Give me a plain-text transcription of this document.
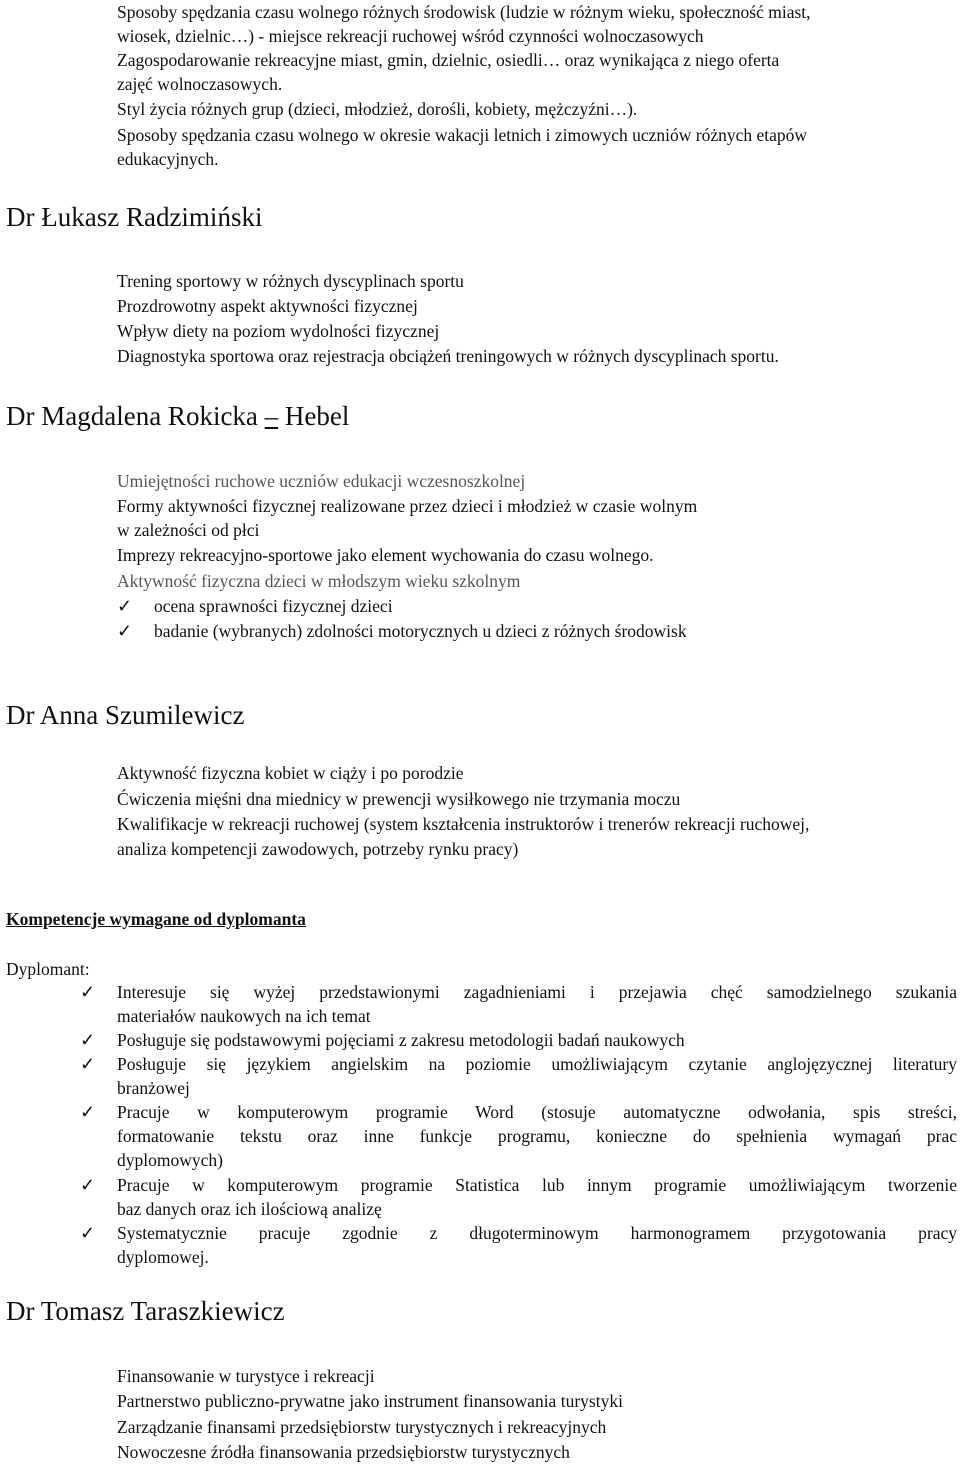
Sposoby spędzania czasu wolnego różnych środowisk (ludzie w różnym wieku, społeczność miast,
wiosek, dzielnic…) - miejsce rekreacji ruchowej wśród czynności wolnoczasowych
Zagospodarowanie rekreacyjne miast, gmin, dzielnic, osiedli… oraz wynikająca z niego oferta
zajęć wolnoczasowych.
Styl życia różnych grup (dzieci, młodzież, dorośli, kobiety, mężczyźni…).
Sposoby spędzania czasu wolnego w okresie wakacji letnich i zimowych uczniów różnych etapów
edukacyjnych.
Dr Łukasz Radzimiński
Trening sportowy w różnych dyscyplinach sportu
Prozdrowotny aspekt aktywności fizycznej
Wpływ diety na poziom wydolności fizycznej
Diagnostyka sportowa oraz rejestracja obciążeń treningowych w różnych dyscyplinach sportu.
Dr Magdalena Rokicka – Hebel
Umiejętności ruchowe uczniów edukacji wczesnoszkolnej
Formy aktywności fizycznej realizowane przez dzieci i młodzież w czasie wolnym
w zależności od płci
Imprezy rekreacyjno-sportowe jako element wychowania do czasu wolnego.
Aktywność fizyczna dzieci w młodszym wieku szkolnym
✓ ocena sprawności fizycznej dzieci
✓ badanie (wybranych) zdolności motorycznych u dzieci z różnych środowisk
Dr Anna Szumilewicz
Aktywność fizyczna kobiet w ciąży i po porodzie
Ćwiczenia mięśni dna miednicy w prewencji wysiłkowego nie trzymania moczu
Kwalifikacje w rekreacji ruchowej (system kształcenia instruktorów i trenerów rekreacji ruchowej,
analiza kompetencji zawodowych, potrzeby rynku pracy)
Kompetencje wymagane od dyplomanta
Dyplomant:
✓ Interesuje się wyżej przedstawionymi zagadnieniami i przejawia chęć samodzielnego szukania
materiałów naukowych na ich temat
✓ Posługuje się podstawowymi pojęciami z zakresu metodologii badań naukowych
✓ Posługuje się językiem angielskim na poziomie umożliwiającym czytanie anglojęzycznej literatury
branżowej
✓ Pracuje w komputerowym programie Word (stosuje automatyczne odwołania, spis streści,
formatowanie tekstu oraz inne funkcje programu, konieczne do spełnienia wymagań prac
dyplomowych)
✓ Pracuje w komputerowym programie Statistica lub innym programie umożliwiającym tworzenie
baz danych oraz ich ilościową analizę
✓ Systematycznie pracuje zgodnie z długoterminowym harmonogramem przygotowania pracy
dyplomowej.
Dr Tomasz Taraszkiewicz
Finansowanie w turystyce i rekreacji
Partnerstwo publiczno-prywatne jako instrument finansowania turystyki
Zarządzanie finansami przedsiębiorstw turystycznych i rekreacyjnych
Nowoczesne źródła finansowania przedsiębiorstw turystycznych
